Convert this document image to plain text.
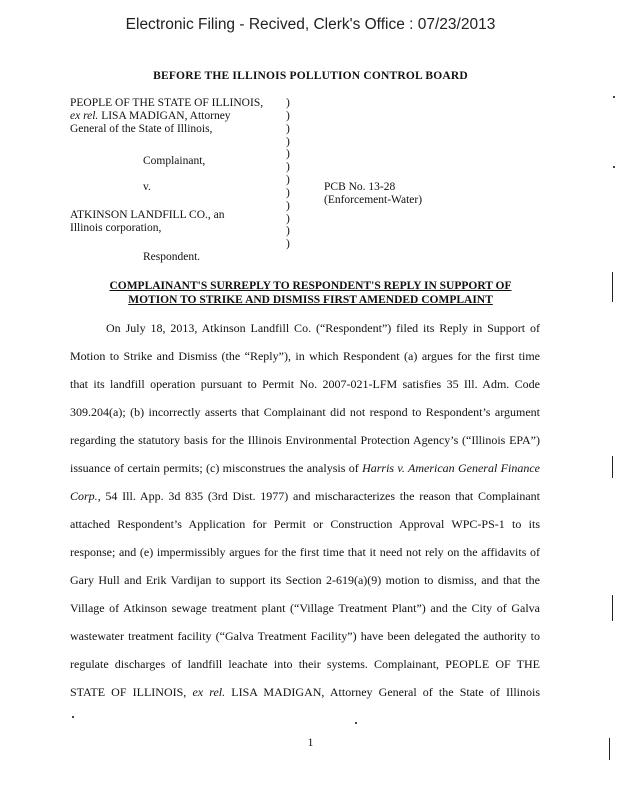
Electronic Filing - Recived, Clerk's Office : 07/23/2013
BEFORE THE ILLINOIS POLLUTION CONTROL BOARD
PEOPLE OF THE STATE OF ILLINOIS,
ex rel. LISA MADIGAN, Attorney
General of the State of Illinois,
Complainant,
v.
ATKINSON LANDFILL CO., an
Illinois corporation,
Respondent.
)
)
)
)
)
)
)
)
)
)
)
)
PCB No. 13-28
(Enforcement-Water)
COMPLAINANT'S SURREPLY TO RESPONDENT'S REPLY IN SUPPORT OF
MOTION TO STRIKE AND DISMISS FIRST AMENDED COMPLAINT
On July 18, 2013, Atkinson Landfill Co. (“Respondent”) filed its Reply in Support of
Motion to Strike and Dismiss (the “Reply”), in which Respondent (a) argues for the first time
that its landfill operation pursuant to Permit No. 2007-021-LFM satisfies 35 Ill. Adm. Code
309.204(a); (b) incorrectly asserts that Complainant did not respond to Respondent’s argument
regarding the statutory basis for the Illinois Environmental Protection Agency’s (“Illinois EPA”)
issuance of certain permits; (c) misconstrues the analysis of Harris v. American General Finance
Corp., 54 Ill. App. 3d 835 (3rd Dist. 1977) and mischaracterizes the reason that Complainant
attached Respondent’s Application for Permit or Construction Approval WPC-PS-1 to its
response; and (e) impermissibly argues for the first time that it need not rely on the affidavits of
Gary Hull and Erik Vardijan to support its Section 2-619(a)(9) motion to dismiss, and that the
Village of Atkinson sewage treatment plant (“Village Treatment Plant”) and the City of Galva
wastewater treatment facility (“Galva Treatment Facility”) have been delegated the authority to
regulate discharges of landfill leachate into their systems. Complainant, PEOPLE OF THE
STATE OF ILLINOIS, ex rel. LISA MADIGAN, Attorney General of the State of Illinois
1
